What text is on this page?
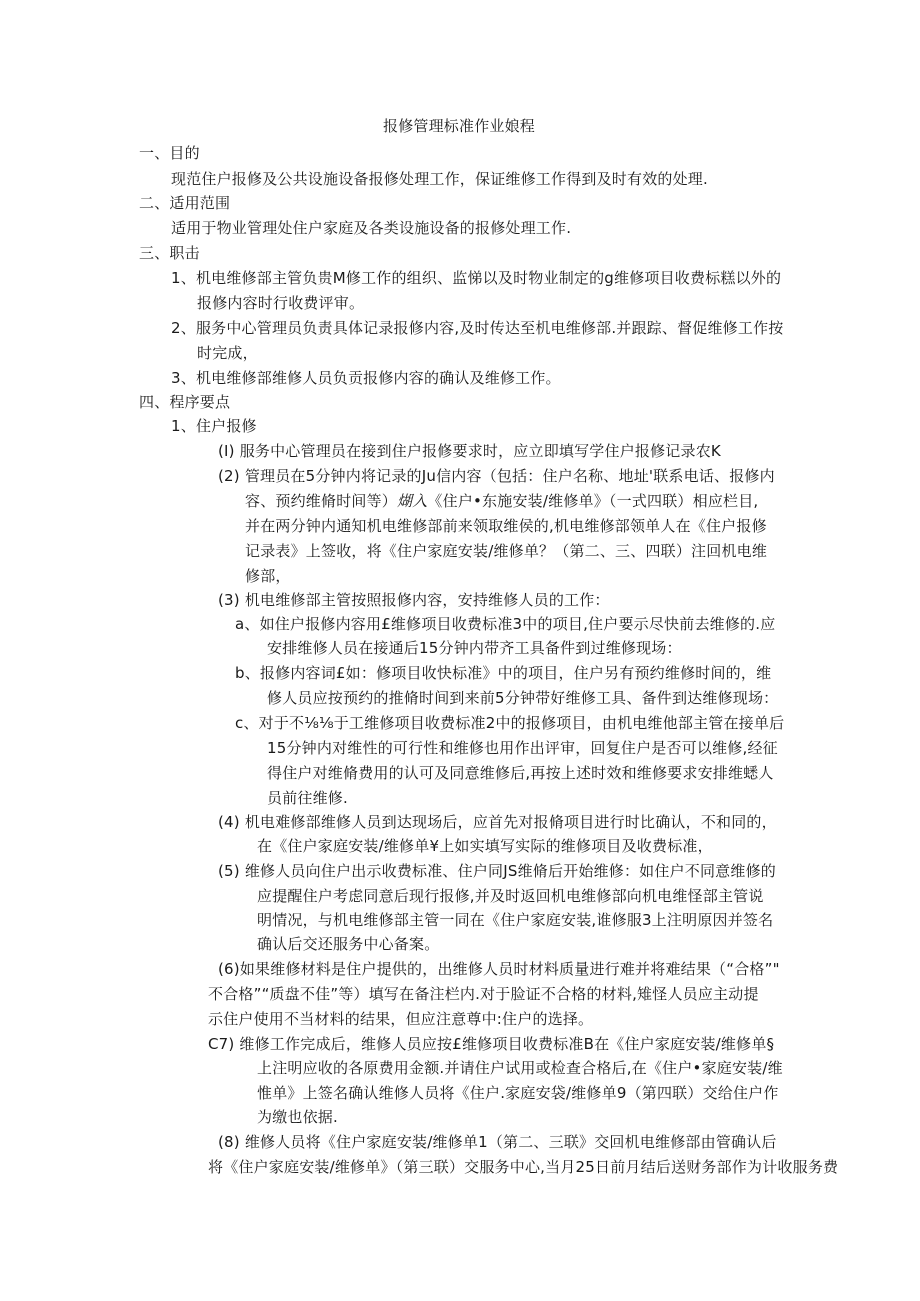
报修管理标准作业娘程
一、目的
现范住户报修及公共设施设备报修处理工作，保证维修工作得到及时有效的处理.
二、适用范围
适用于物业管理处住户家庭及各类设施设备的报修处理工作.
三、职击
1、机电维修部主管负贵M修工作的组织、监悌以及时物业制定的g维修项目收费标糕以外的
报修内容时行收费评审。
2、服务中心管理员负责具体记录报修内容,及时传达至机电维修部.并跟踪、督促维修工作按
时完成，
3、机电维修部维修人员负贡报修内容的确认及维修工作。
四、程序要点
1、住户报修
(I) 服务中心管理员在接到住户报修要求时，应立即填写学住户报修记录农K
(2) 管理员在5分钟内将记录的Ju信内容（包括：住户名称、地址'联系电话、报修内
容、预约维脩时间等）煳入《住户•东施安装/维修单》（一式四联）相应栏目,
并在两分钟内通知机电维修部前来领取维侯的,机电维修部领单人在《住户报修
记录表》上签收，将《住户家庭安装/维修单？（第二、三、四联）注回机电维
修部，
(3) 机电维修部主管按照报修内容，安持维修人员的工作：
a、如住户报修内容用£维修项目收费标准3中的项目,住户要示尽快前去维修的.应
安排维修人员在接通后15分钟内带齐工具备件到过维修现场：
b、报修内容词£如：修项目收快标准》中的项目，住户另有预约维修时间的，维
修人员应按预约的推脩时间到来前5分钟带好维修工具、备件到达维修现场：
c、对于不⅛⅛于工维修项目收费标准2中的报修项目，由机电维他部主管在接单后
15分钟内对维性的可行性和维修也用作出评审，回复住户是否可以维修,经征
得住户对维脩费用的认可及同意维修后,再按上述时效和维修要求安排维蟋人
员前往维修.
(4) 机电难修部维修人员到达现场后，应首先对报脩项目进行时比确认，不和同的，
在《住户家庭安装/维修单¥上如实填写实际的维修项目及收费标准，
(5) 维修人员向住户出示收费标准、住户同JS维脩后开始维修：如住户不同意维修的
应提醒住户考虑同意后现行报修,并及时返回机电维修部向机电维怪部主管说
明情况，与机电维修部主管一同在《住户家庭安装,谁修服3上注明原因并签名
确认后交还服务中心备案。
(6)如果维修材料是住户提供的，出维修人员时材料质量进行难并将难结果（“合格”"
不合格”“质盘不佳”等）填写在备注栏内.对于脸证不合格的材料,雉怪人员应主动提
示住户使用不当材料的结果，但应注意尊中:住户的选择。
C7) 维修工作完成后，维修人员应按£维修项目收费标准B在《住户家庭安装/维修单§
上注明应收的各原费用金额.并请住户试用或检查合格后,在《住户•家庭安装/维
惟单》上签名确认维修人员将《住户.家庭安袋/维修单9（第四联）交给住户作
为缴也依据.
(8) 维修人员将《住户家庭安装/维修单1（第二、三联》交回机电维修部由管确认后
将《住户家庭安装/维修单》（第三联）交服务中心,当月25日前月结后送财务部作为计收服务费
